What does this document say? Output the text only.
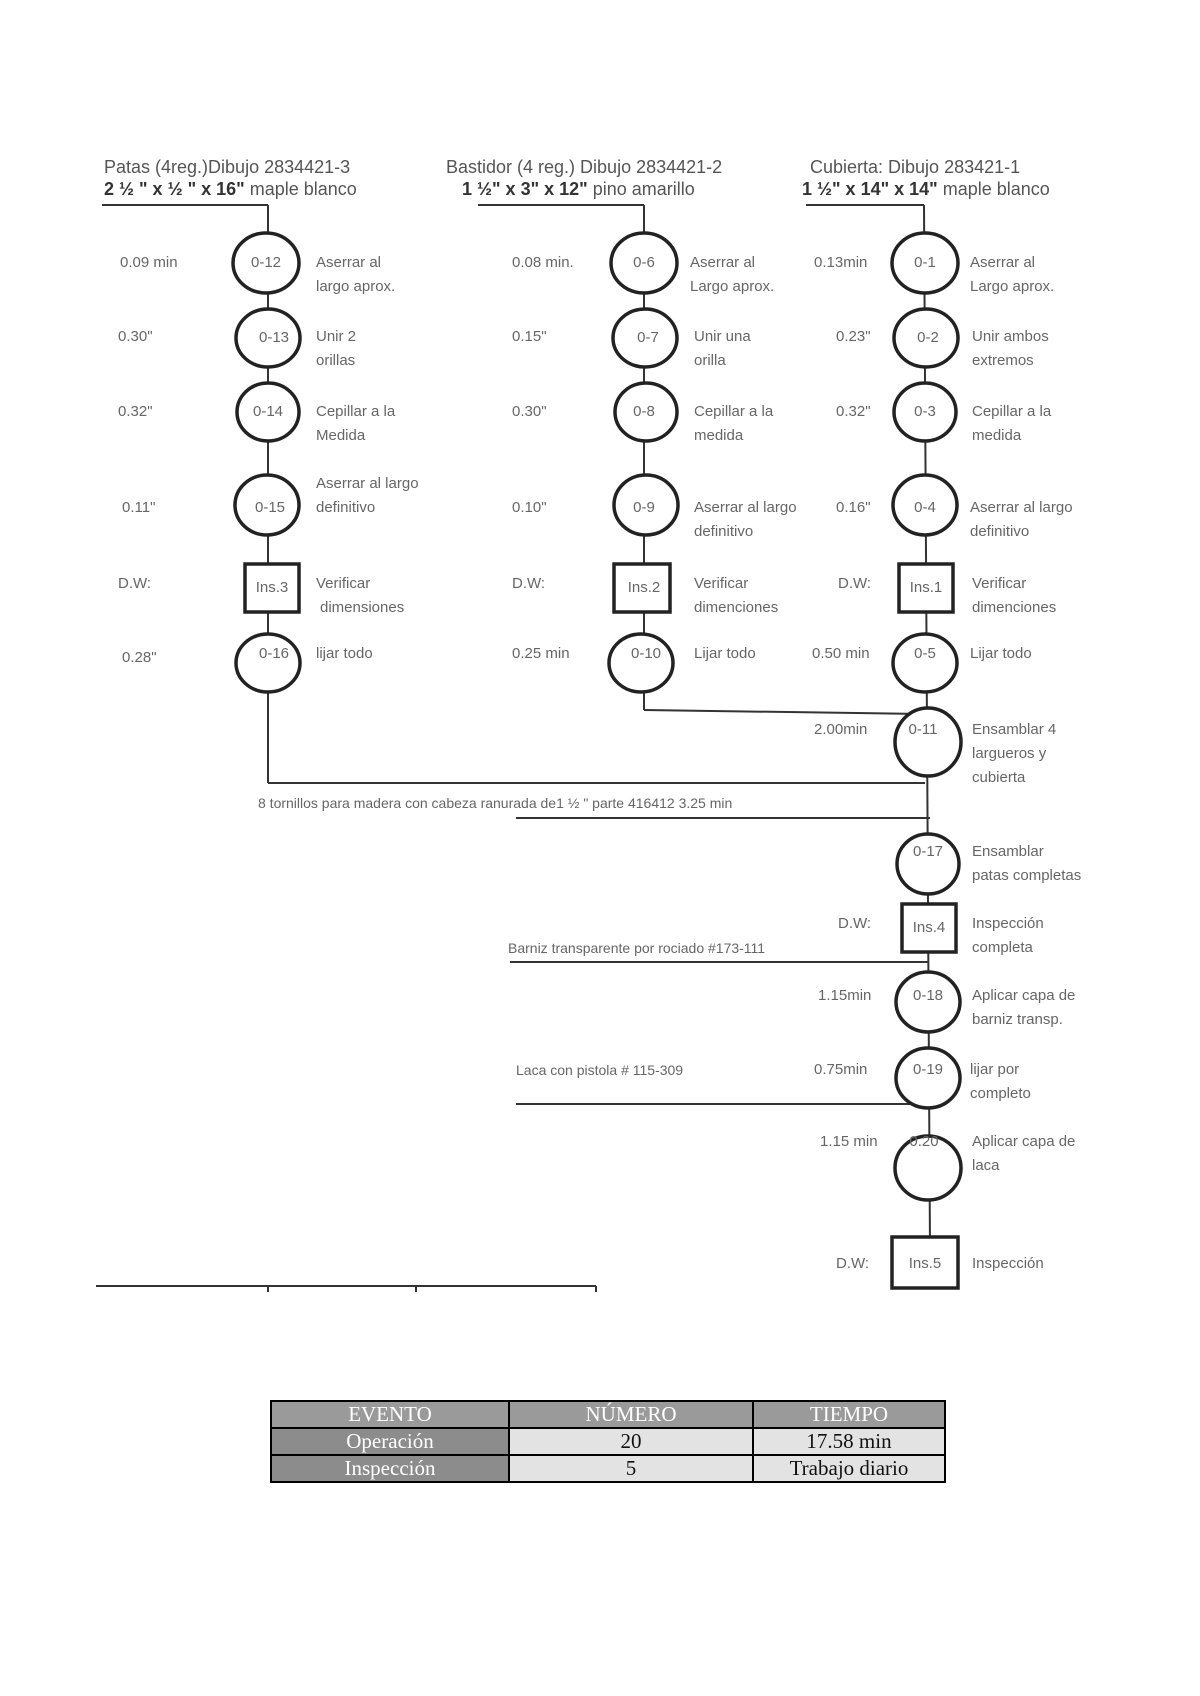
Patas (4reg.)Dibujo 2834421-3
2 ½ " x ½ " x 16" maple blanco
Bastidor (4 reg.) Dibujo 2834421-2
1 ½" x 3" x 12" pino amarillo
Cubierta: Dibujo 283421-1
1 ½" x 14" x 14" maple blanco
0.09 min	0-12	Aserrar al
largo aprox.
0.30"	0-13	Unir 2
orillas
0.32"	0-14	Cepillar a la
Medida
0.11"	0-15
Aserrar al largo
definitivo
D.W:	Ins.3	Verificar
dimensiones
0.28"	0-16	lijar todo
0.08 min.	0-6	Aserrar al
Largo aprox.
0.15"	0-7	Unir una
orilla
0.30"	0-8	Cepillar a la
medida
0.10"	0-9	Aserrar al largo
definitivo
D.W:	Ins.2	Verificar
dimenciones
0.25 min	0-10	Lijar todo
0.13min	0-1	Aserrar al
Largo aprox.
0.23"	0-2	Unir ambos
extremos
0.32"	0-3	Cepillar a la
medida
0.16"	0-4	Aserrar al largo
definitivo
D.W:	Ins.1	Verificar
dimenciones
0.50 min	0-5	Lijar todo
2.00min	0-11	Ensamblar 4
largueros y
cubierta
8 tornillos para madera con cabeza ranurada de1 ½ " parte 416412 3.25 min
0-17	Ensamblar
patas completas
D.W:	Ins.4	Inspección
completa
Barniz transparente por rociado #173-111
1.15min	0-18	Aplicar capa de
barniz transp.
Laca con pistola # 115-309	0.75min	0-19	lijar por
completo
1.15 min	0.20	Aplicar capa de
laca
D.W:	Ins.5	Inspección
EVENTO	NÚMERO	TIEMPO
Operación	20	17.58 min
Inspección	5	Trabajo diario
